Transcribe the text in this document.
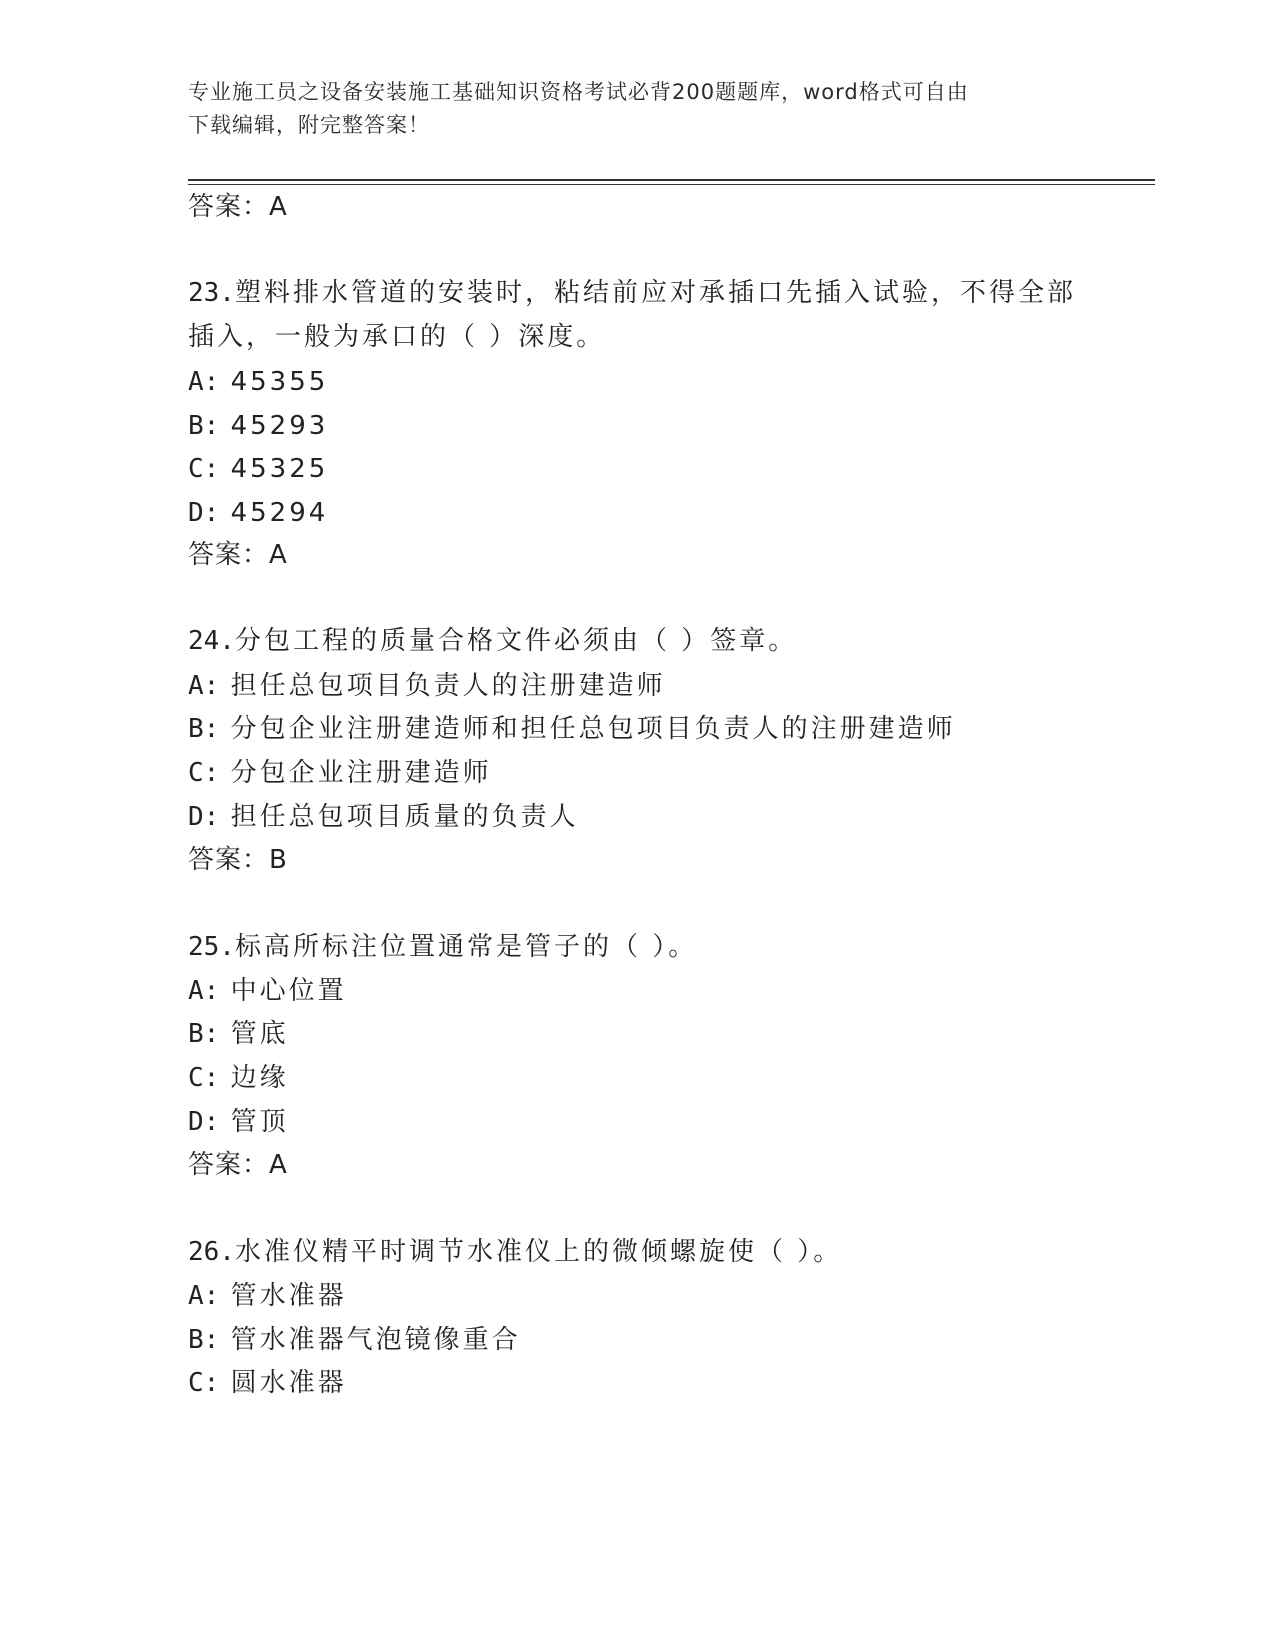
专业施工员之设备安装施工基础知识资格考试必背200题题库，word格式可自由
下载编辑，附完整答案！
答案：A
23.塑料排水管道的安装时，粘结前应对承插口先插入试验，不得全部
插入，一般为承口的（ ）深度。
A: 45355
B: 45293
C: 45325
D: 45294
答案：A
24.分包工程的质量合格文件必须由（ ）签章。
A: 担任总包项目负责人的注册建造师
B: 分包企业注册建造师和担任总包项目负责人的注册建造师
C: 分包企业注册建造师
D: 担任总包项目质量的负责人
答案：B
25.标高所标注位置通常是管子的（ ）。
A: 中心位置
B: 管底
C: 边缘
D: 管顶
答案：A
26.水准仪精平时调节水准仪上的微倾螺旋使（ ）。
A: 管水准器
B: 管水准器气泡镜像重合
C: 圆水准器
